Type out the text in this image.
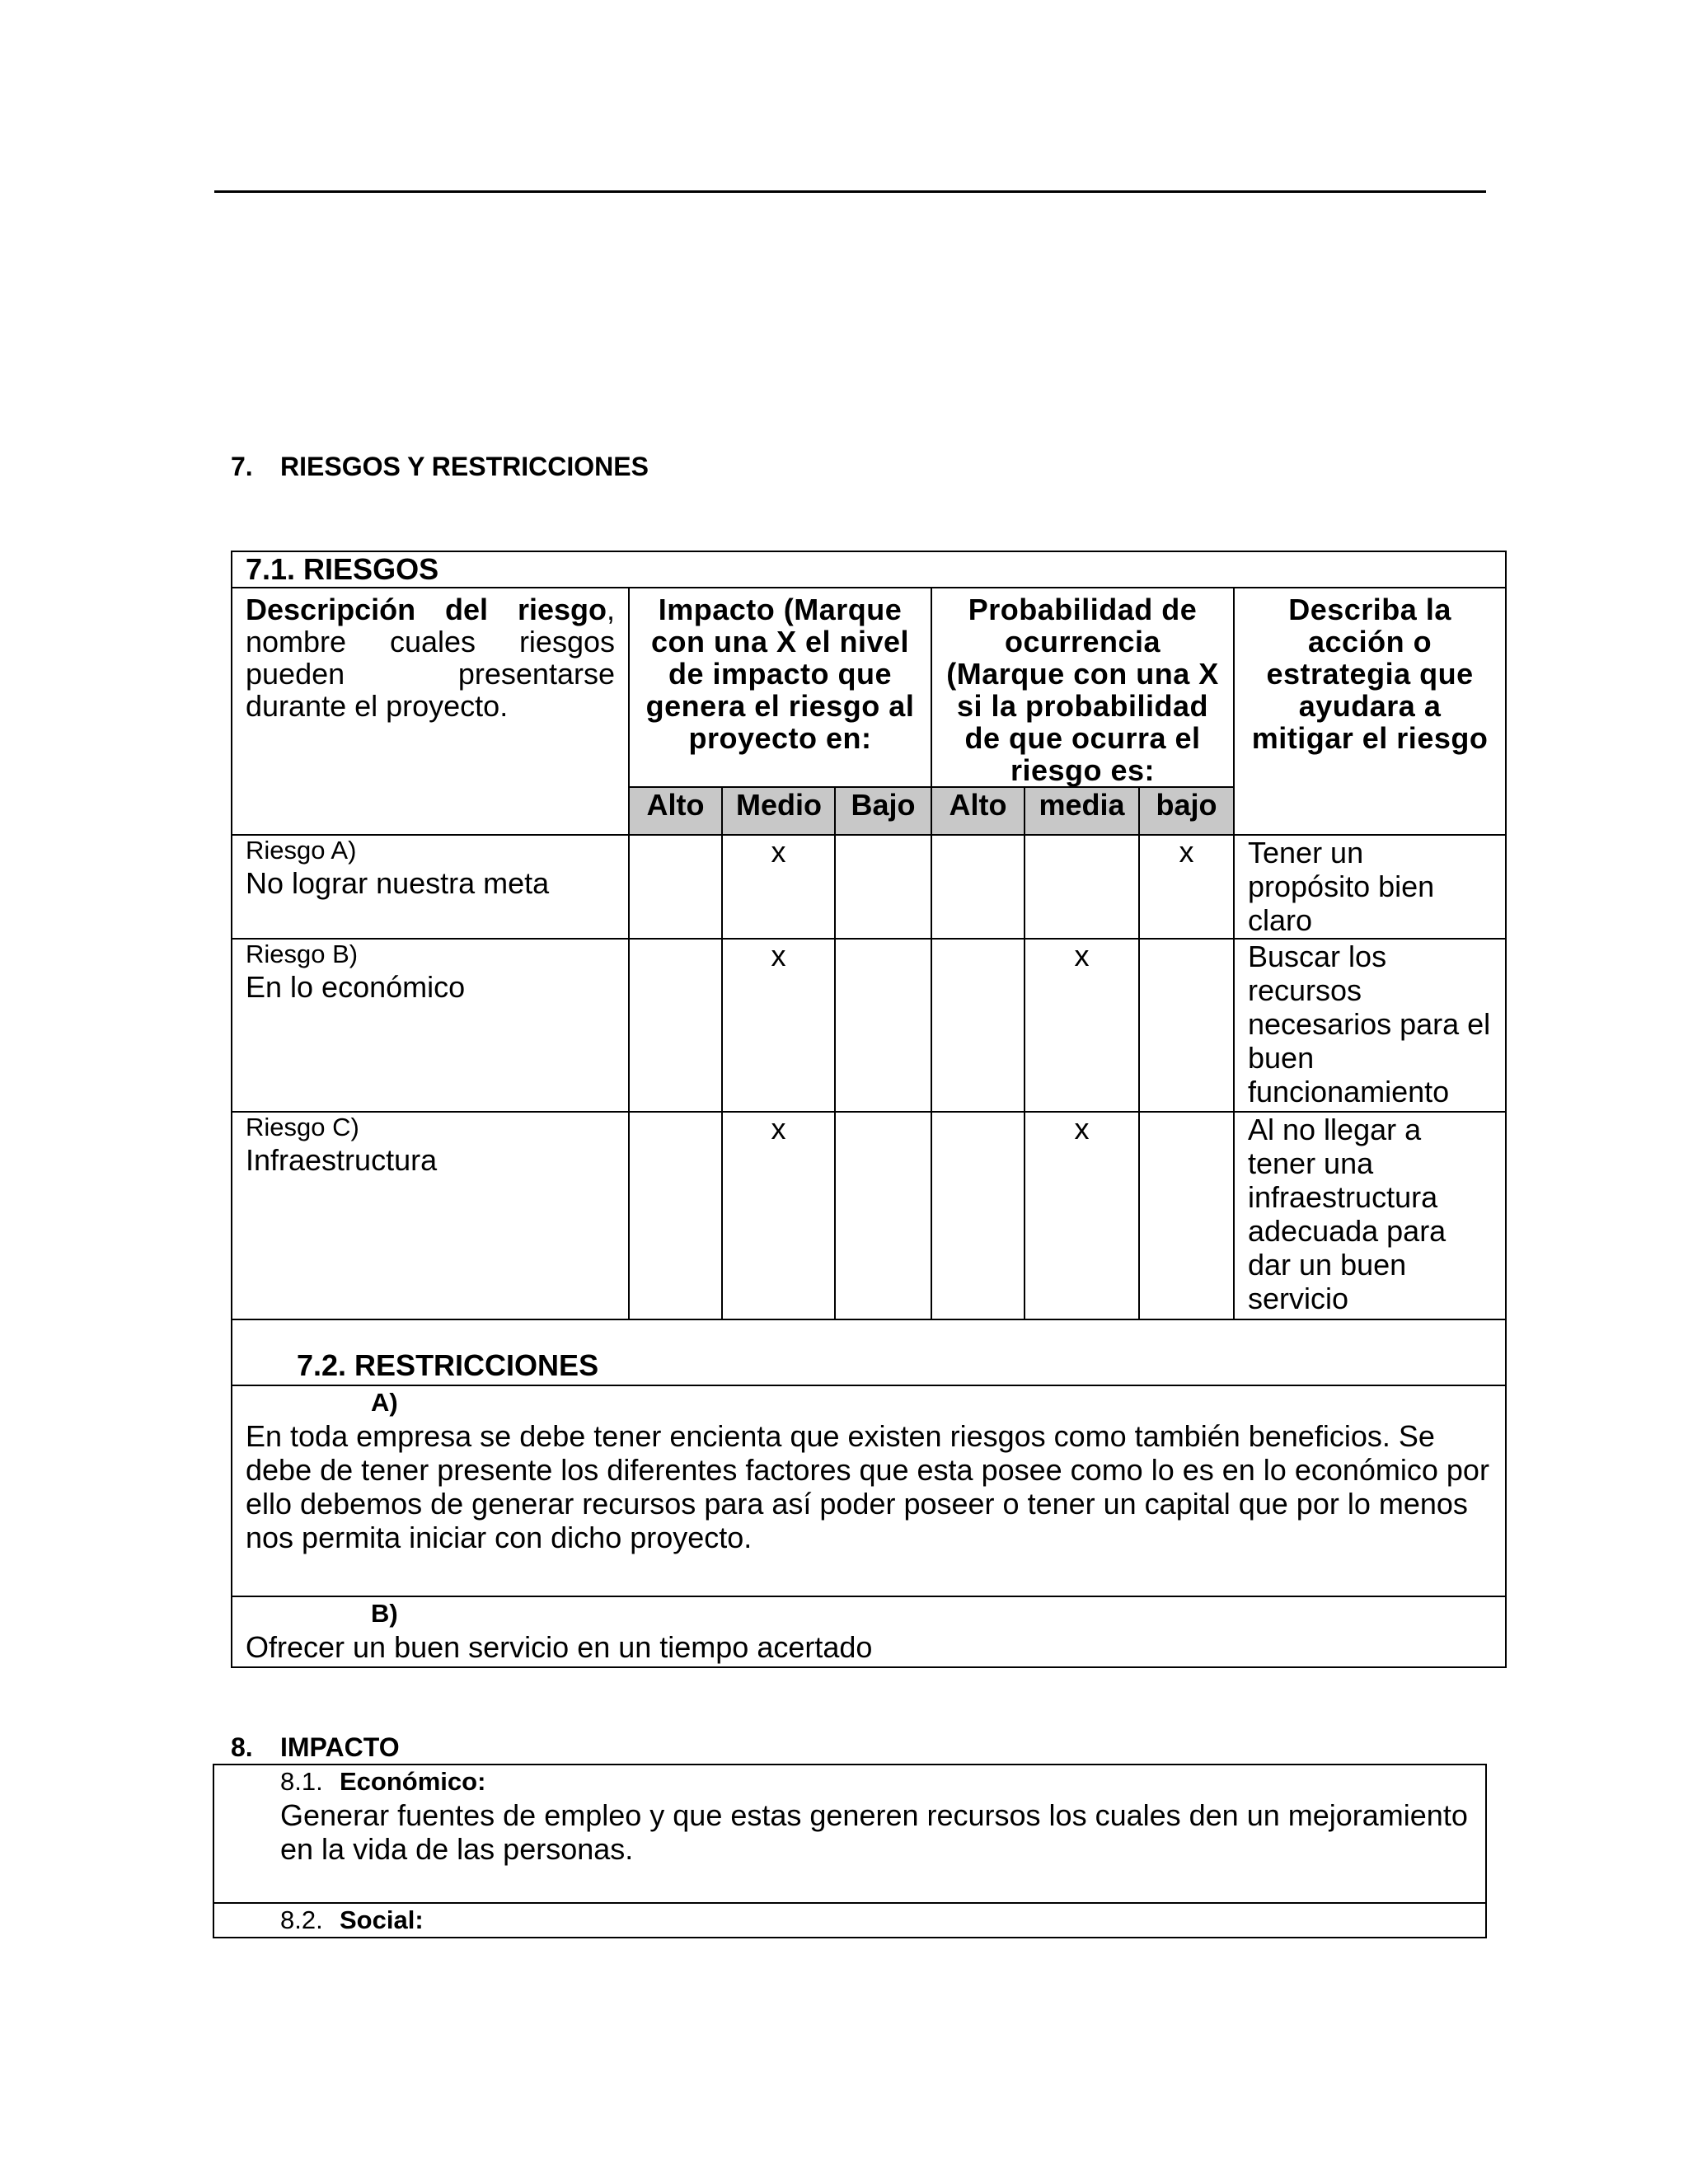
7. RIESGOS Y RESTRICCIONES
7.1. RIESGOS							
Descripción del riesgo, nombre cuales riesgos pueden presentarse durante el proyecto.	Impacto (Marque con una X el nivel de impacto que genera el riesgo al proyecto en:			Probabilidad de ocurrencia (Marque con una X si la probabilidad de que ocurra el riesgo es:			Describa la acción o estrategia que ayudara a mitigar el riesgo
	Alto	Medio	Bajo	Alto	media	bajo	

Riesgo A)
No lograr nuestra meta		x				x	Tener un propósito bien claro

Riesgo B)
En lo económico		x			x		Buscar los recursos necesarios para el buen funcionamiento

Riesgo C)
Infraestructura		x			x		Al no llegar a tener una infraestructura adecuada para dar un buen servicio
7.2. RESTRICCIONES							

A)
En toda empresa se debe tener encienta que existen riesgos como también beneficios. Se debe de tener presente los diferentes factores que esta posee como lo es en lo económico por ello debemos de generar recursos para así poder poseer o tener un capital que por lo menos nos permita iniciar con dicho proyecto.							

B)
Ofrecer un buen servicio en un tiempo acertado							
8. IMPACTO
8.1. Económico:
Generar fuentes de empleo y que estas generen recursos los cuales den un mejoramiento en la vida de las personas.

8.2. Social:
